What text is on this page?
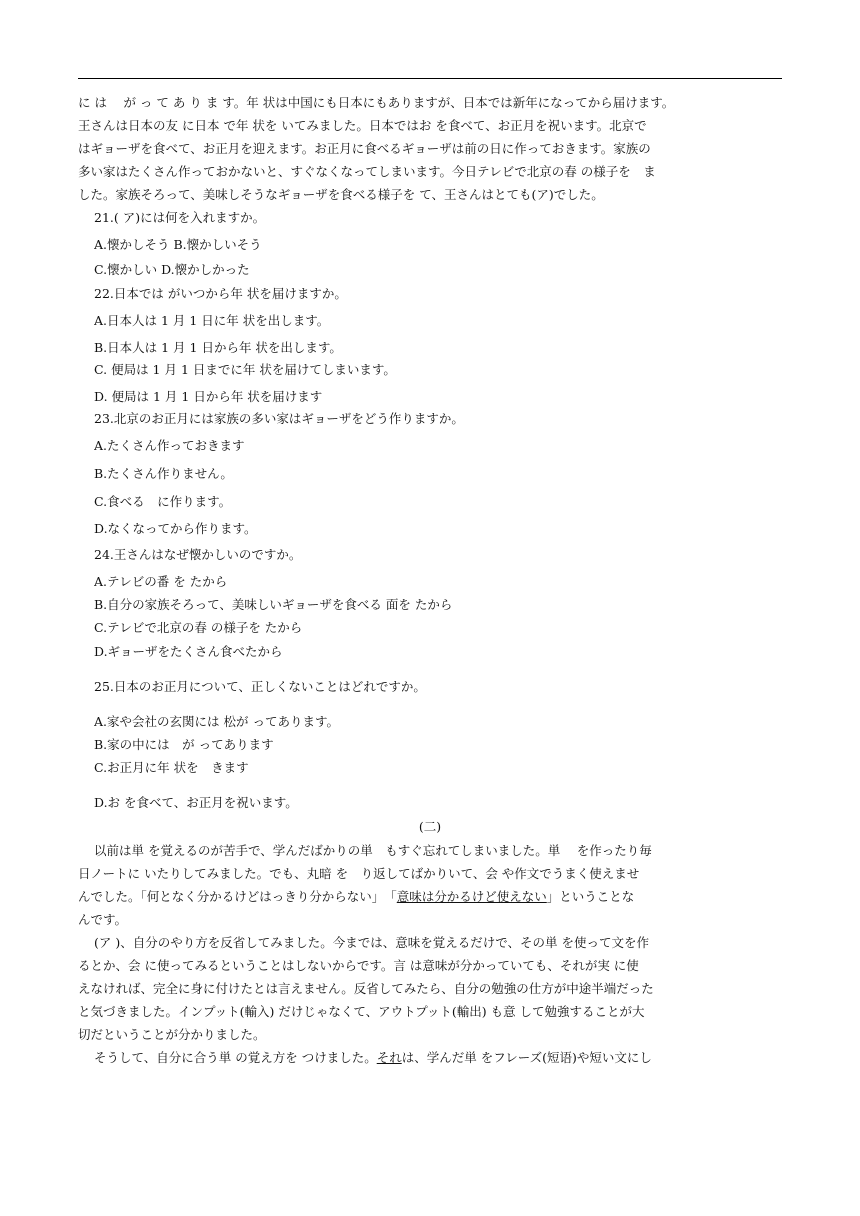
に は　 が っ て あ り ま す。年 状は中国にも日本にもありますが、日本では新年になってから届けます。
王さんは日本の友 に日本 で年 状を いてみました。日本ではお を食べて、お正月を祝います。北京で
はギョーザを食べて、お正月を迎えます。お正月に食べるギョーザは前の日に作っておきます。家族の
多い家はたくさん作っておかないと、すぐなくなってしまいます。今日テレビで北京の春 の様子を　ま
した。家族そろって、美味しそうなギョーザを食べる様子を て、王さんはとても(ア)でした。
21.( ア)には何を入れますか。
A.懐かしそう B.懐かしいそう
C.懐かしい D.懐かしかった
22.日本では がいつから年 状を届けますか。
A.日本人は 1 月 1 日に年 状を出します。
B.日本人は 1 月 1 日から年 状を出します。
C. 便局は 1 月 1 日までに年 状を届けてしまいます。
D. 便局は 1 月 1 日から年 状を届けます
23.北京のお正月には家族の多い家はギョーザをどう作りますか。
A.たくさん作っておきます
B.たくさん作りません。
C.食べる　に作ります。
D.なくなってから作ります。
24.王さんはなぜ懐かしいのですか。
A.テレビの番 を たから
B.自分の家族そろって、美味しいギョーザを食べる 面を たから
C.テレビで北京の春 の様子を たから
D.ギョーザをたくさん食べたから
25.日本のお正月について、正しくないことはどれですか。
A.家や会社の玄関には 松が ってあります。
B.家の中には　が ってあります
C.お正月に年 状を　きます
D.お を食べて、お正月を祝います。
(二)
以前は単 を覚えるのが苦手で、学んだばかりの単　もすぐ忘れてしまいました。単　 を作ったり毎
日ノートに いたりしてみました。でも、丸暗 を　り返してばかりいて、会 や作文でうまく使えませ
んでした。「何となく分かるけどはっきり分からない」　「意味は分かるけど使えない」ということな
んです。
(ア )、自分のやり方を反省してみました。今までは、意味を覚えるだけで、その単 を使って文を作
るとか、会 に使ってみるということはしないからです。言 は意味が分かっていても、それが実 に使
えなければ、完全に身に付けたとは言えません。反省してみたら、自分の勉強の仕方が中途半端だった
と気づきました。インプット(輸入) だけじゃなくて、アウトプット(輸出) も意 して勉強することが大
切だということが分かりました。
そうして、自分に合う単 の覚え方を つけました。それは、学んだ単 をフレーズ(短语)や短い文にし
